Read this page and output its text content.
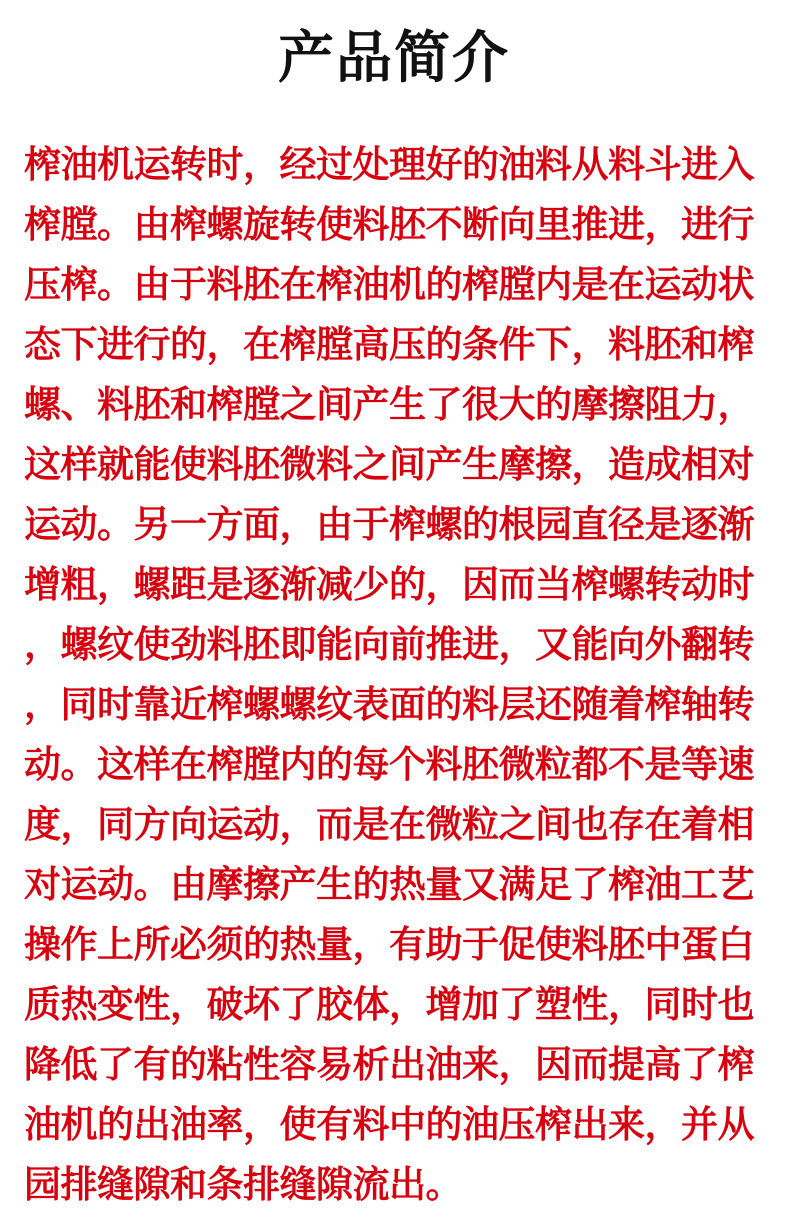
产品简介
榨油机运转时，经过处理好的油料从料斗进入
榨膛。由榨螺旋转使料胚不断向里推进，进行
压榨。由于料胚在榨油机的榨膛内是在运动状
态下进行的，在榨膛高压的条件下，料胚和榨
螺、料胚和榨膛之间产生了很大的摩擦阻力，
这样就能使料胚微料之间产生摩擦，造成相对
运动。另一方面，由于榨螺的根园直径是逐渐
增粗，螺距是逐渐减少的，因而当榨螺转动时
，螺纹使劲料胚即能向前推进，又能向外翻转
，同时靠近榨螺螺纹表面的料层还随着榨轴转
动。这样在榨膛内的每个料胚微粒都不是等速
度，同方向运动，而是在微粒之间也存在着相
对运动。由摩擦产生的热量又满足了榨油工艺
操作上所必须的热量，有助于促使料胚中蛋白
质热变性，破坏了胶体，增加了塑性，同时也
降低了有的粘性容易析出油来，因而提高了榨
油机的出油率，使有料中的油压榨出来，并从
园排缝隙和条排缝隙流出。
